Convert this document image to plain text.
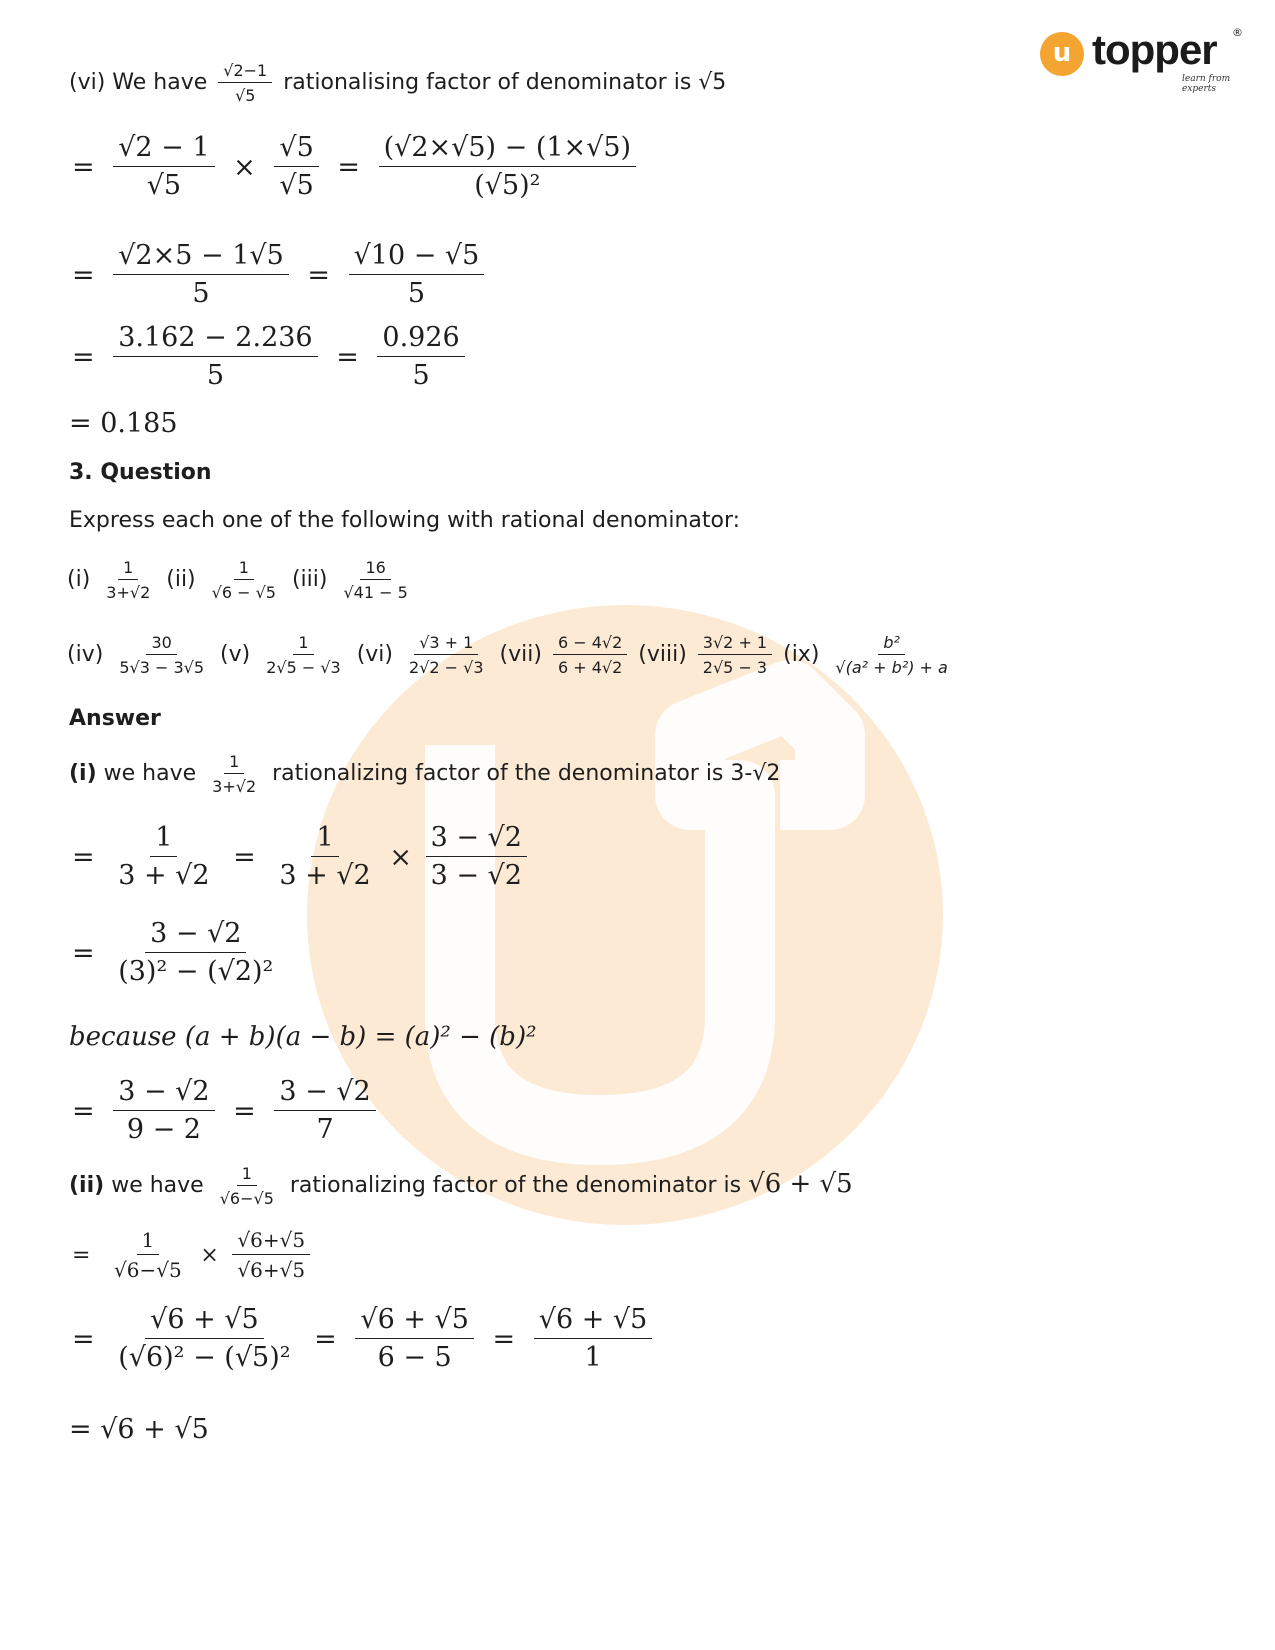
u topper ®
learn from experts
(vi) We have $\frac{√2-1}{√5}$ rationalising factor of denominator is √5
= $\frac{√2 - 1}{√5} \times \frac{√5}{√5} = \frac{(√2\times√5) - (1\times√5)}{\text{(√5)²}}$
= $\frac{√2\times 5 - 1√5}{5} = \frac{√10 - √5}{5}$
= $\frac{3.162 - 2.236}{5} = \frac{0.926}{5}$
= 0.185
3. Question
Express each one of the following with rational denominator:
$(i) \frac{1}{3+√2} (ii) \frac{1}{√6 - √5} (iii) \frac{16}{√41 - 5}$
$(iv) \frac{30}{5√3 - 3√5} (v) \frac{1}{2√5 - √3} (vi) \frac{√3 + 1}{2√2 - √3} (vii) \frac{6 - 4√2}{6 + 4√2}$ (viii) $\frac{3√2 + 1}{2√5 - 3} (ix) \frac{\text{b²}}{\text{√(a² + b²) + a}}$
Answer
(i) we have $\frac{1}{3+√2}$ rationalizing factor of the denominator is 3-√2
= $\frac{1}{3 + √2} = \frac{1}{3 + √2} \times \frac{3 - √2}{3 - √2}$
= $\frac{3 - √2}{\text{(3)² − (√2)²}}$
because (a + b)(a − b) = (a)² − (b)²
= $\frac{3 - √2}{9 - 2} = \frac{3 - √2}{7}$
(ii) we have $\frac{1}{√6-√5}$ rationalizing factor of the denominator is √6 + √5
= $\frac{1}{√6-√5} \times \frac{√6+√5}{√6+√5}$
= $\frac{√6 + √5}{\text{(√6)² − (√5)²}} = \frac{√6 + √5}{6 - 5} = \frac{√6 + √5}{1}$
= √6 + √5
